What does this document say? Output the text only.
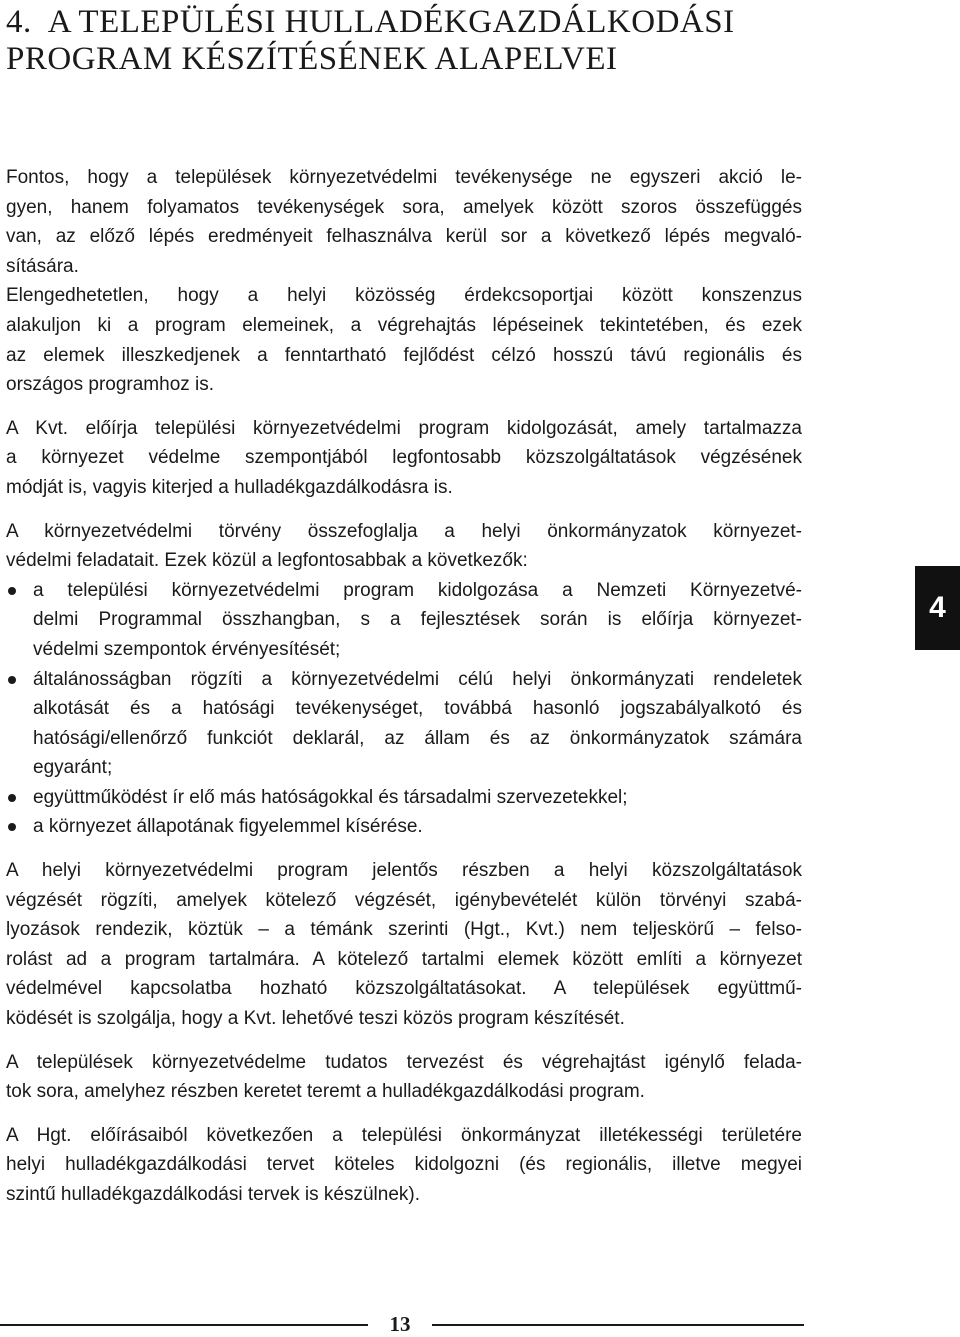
4. A TELEPÜLÉSI HULLADÉKGAZDÁLKODÁSI
PROGRAM KÉSZÍTÉSÉNEK ALAPELVEI

Fontos, hogy a települések környezetvédelmi tevékenysége ne egyszeri akció le-
gyen, hanem folyamatos tevékenységek sora, amelyek között szoros összefüggés
van, az előző lépés eredményeit felhasználva kerül sor a következő lépés megvaló-
sítására.

Elengedhetetlen, hogy a helyi közösség érdekcsoportjai között konszenzus
alakuljon ki a program elemeinek, a végrehajtás lépéseinek tekintetében, és ezek
az elemek illeszkedjenek a fenntartható fejlődést célzó hosszú távú regionális és
országos programhoz is.

A Kvt. előírja települési környezetvédelmi program kidolgozását, amely tartalmazza
a környezet védelme szempontjából legfontosabb közszolgáltatások végzésének
módját is, vagyis kiterjed a hulladékgazdálkodásra is.

A környezetvédelmi törvény összefoglalja a helyi önkormányzatok környezet-
védelmi feladatait. Ezek közül a legfontosabbak a következők:

a települési környezetvédelmi program kidolgozása a Nemzeti Környezetvé-
delmi Programmal összhangban, s a fejlesztések során is előírja környezet-
védelmi szempontok érvényesítését;
általánosságban rögzíti a környezetvédelmi célú helyi önkormányzati rendeletek
alkotását és a hatósági tevékenységet, továbbá hasonló jogszabályalkotó és
hatósági/ellenőrző funkciót deklarál, az állam és az önkormányzatok számára
egyaránt;
együttműködést ír elő más hatóságokkal és társadalmi szervezetekkel;
a környezet állapotának figyelemmel kísérése.

A helyi környezetvédelmi program jelentős részben a helyi közszolgáltatások
végzését rögzíti, amelyek kötelező végzését, igénybevételét külön törvényi szabá-
lyozások rendezik, köztük – a témánk szerinti (Hgt., Kvt.) nem teljeskörű – felso-
rolást ad a program tartalmára. A kötelező tartalmi elemek között említi a környezet
védelmével kapcsolatba hozható közszolgáltatásokat. A települések együttmű-
ködését is szolgálja, hogy a Kvt. lehetővé teszi közös program készítését.

A települések környezetvédelme tudatos tervezést és végrehajtást igénylő felada-
tok sora, amelyhez részben keretet teremt a hulladékgazdálkodási program.

A Hgt. előírásaiból következően a települési önkormányzat illetékességi területére
helyi hulladékgazdálkodási tervet köteles kidolgozni (és regionális, illetve megyei
szintű hulladékgazdálkodási tervek is készülnek).

4
13
